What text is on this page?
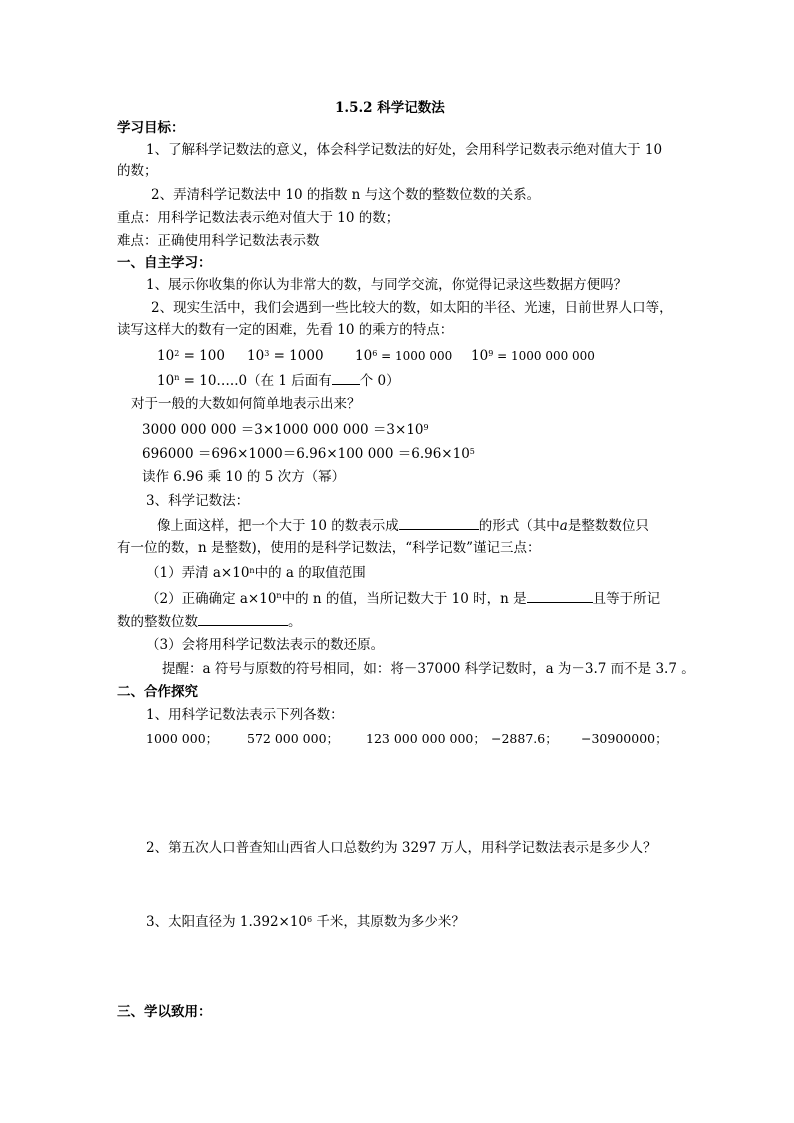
1.5.2 科学记数法
学习目标：
1、了解科学记数法的意义，体会科学记数法的好处，会用科学记数表示绝对值大于 10
的数；
2、弄清科学记数法中 10 的指数 n 与这个数的整数位数的关系。
重点：用科学记数法表示绝对值大于 10 的数；
难点：正确使用科学记数法表示数
一、自主学习：
1、展示你收集的你认为非常大的数，与同学交流，你觉得记录这些数据方便吗？
2、现实生活中，我们会遇到一些比较大的数，如太阳的半径、光速，日前世界人口等，
读写这样大的数有一定的困难，先看 10 的乘方的特点：
$10^2 = 100$ $10^3 = 1000$ $10^6 = 1000$ 000 $10^9 = 1000$ 000 000
$10^n$ = 10…..0（在 1 后面有 个 0）
对于一般的大数如何简单地表示出来？
3000 000 000 ＝3×1000 000 $000 =3\times 10^9$
696000 ＝696×1000＝6.96×100 $000 =6.96\times 10^5$
读作 6.96 乘 10 的 5 次方（幂）
3、科学记数法：
像上面这样，把一个大于 10 的数表示成	的形式（其中a是整数数位只
有一位的数，n 是整数)，使用的是科学记数法，“科学记数”谨记三点：
（1）弄清 $a\times 10^n$中的 a 的取值范围
（2）正确确定 $a\times 10^n$中的 n 的值，当所记数大于 10 时，n 是	且等于所记
数的整数位数	。
（3）会将用科学记数法表示的数还原。
提醒：a 符号与原数的符号相同，如：将－37000 科学记数时，a 为－3.7 而不是 3.7 。
二、合作探究
1、用科学记数法表示下列各数：
1000 000； 572 000 000； 123 000 000 000； −2887.6； −30900000；
2、第五次人口普查知山西省人口总数约为 3297 万人，用科学记数法表示是多少人？
3、太阳直径为 $1.392\times 10^6$ 千米，其原数为多少米？
三、学以致用：
